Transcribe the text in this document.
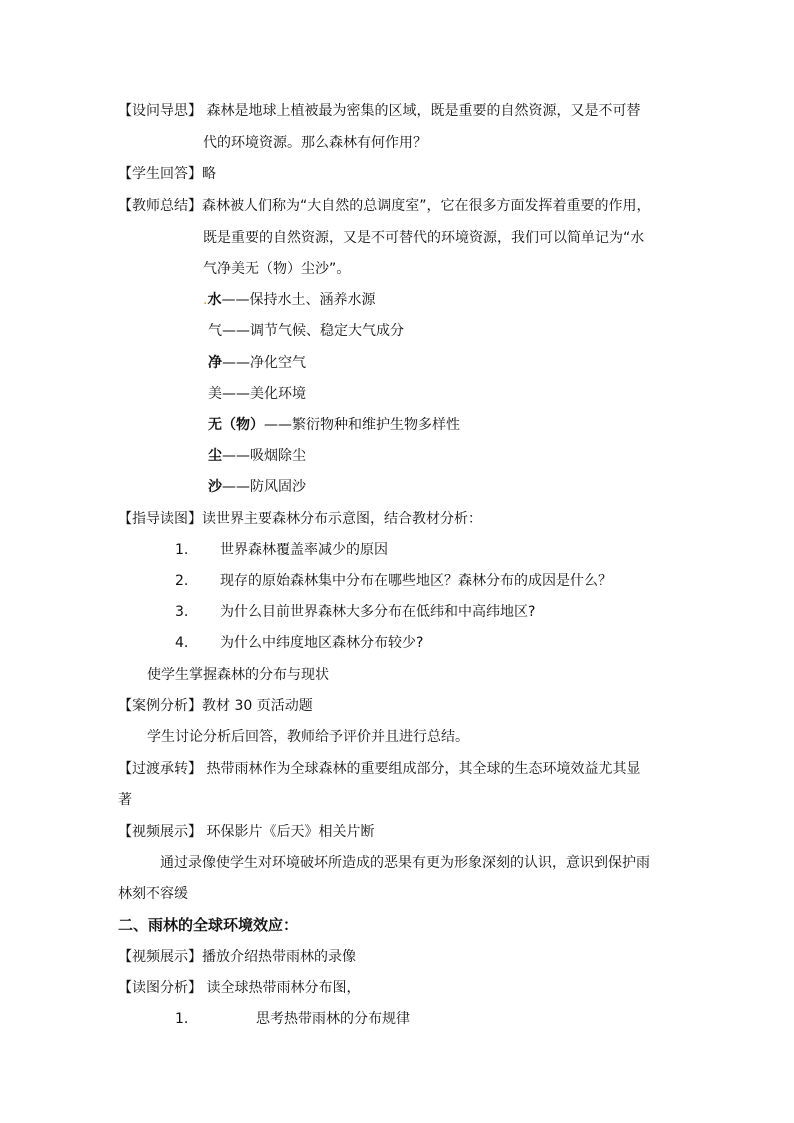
【设问导思】 森林是地球上植被最为密集的区域，既是重要的自然资源，又是不可替
代的环境资源。那么森林有何作用？
【学生回答】略
【教师总结】森林被人们称为“大自然的总调度室”，它在很多方面发挥着重要的作用，
既是重要的自然资源，又是不可替代的环境资源，我们可以简单记为“水
气净美无（物）尘沙”。
.水——保持水土、涵养水源
气——调节气候、稳定大气成分
净——净化空气
美——美化环境
无（物）——繁衍物种和维护生物多样性
尘——吸烟除尘
沙——防风固沙
【指导读图】读世界主要森林分布示意图，结合教材分析：
1. 世界森林覆盖率减少的原因
2. 现存的原始森林集中分布在哪些地区？森林分布的成因是什么？
3. 为什么目前世界森林大多分布在低纬和中高纬地区?
4. 为什么中纬度地区森林分布较少?
使学生掌握森林的分布与现状
【案例分析】教材 30 页活动题
学生讨论分析后回答，教师给予评价并且进行总结。
【过渡承转】 热带雨林作为全球森林的重要组成部分，其全球的生态环境效益尤其显
著
【视频展示】 环保影片《后天》相关片断
通过录像使学生对环境破坏所造成的恶果有更为形象深刻的认识，意识到保护雨
林刻不容缓
二、雨林的全球环境效应：
【视频展示】播放介绍热带雨林的录像
【读图分析】 读全球热带雨林分布图，
1.	思考热带雨林的分布规律
